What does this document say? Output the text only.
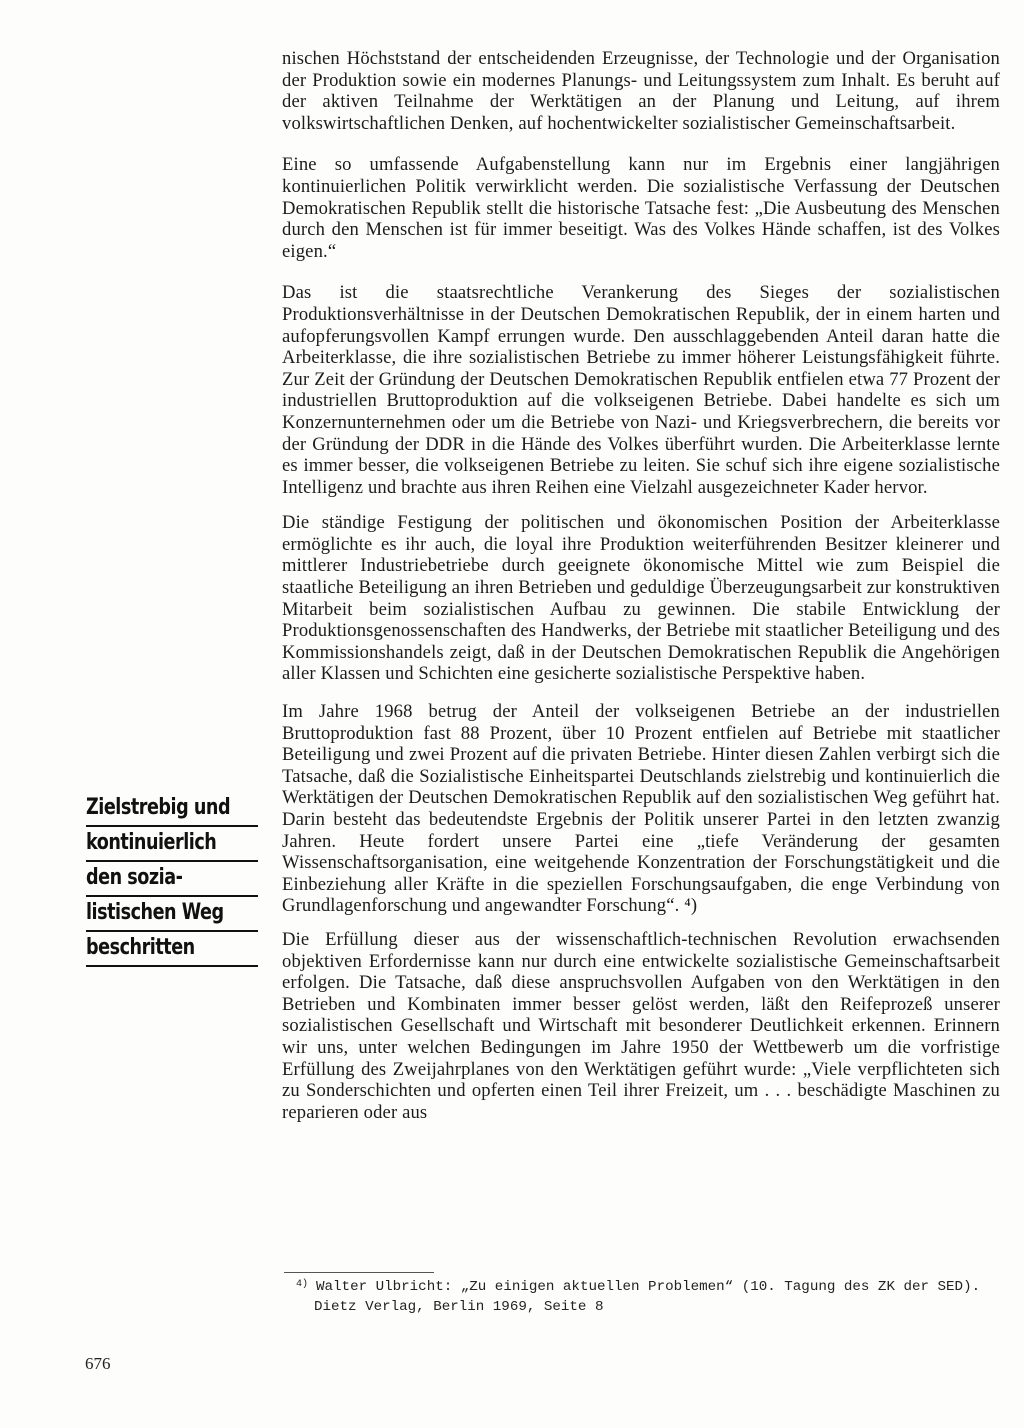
nischen Höchststand der entscheidenden Erzeugnisse, der Technologie und der Organisation der Produktion sowie ein modernes Planungs- und Leitungssystem zum Inhalt. Es beruht auf der aktiven Teilnahme der Werktätigen an der Planung und Leitung, auf ihrem volkswirtschaftlichen Denken, auf hochentwickelter sozialistischer Gemeinschaftsarbeit.

Eine so umfassende Aufgabenstellung kann nur im Ergebnis einer langjährigen kontinuierlichen Politik verwirklicht werden. Die sozialistische Verfassung der Deutschen Demokratischen Republik stellt die historische Tatsache fest: „Die Ausbeutung des Menschen durch den Menschen ist für immer beseitigt. Was des Volkes Hände schaffen, ist des Volkes eigen.“

Das ist die staatsrechtliche Verankerung des Sieges der sozialistischen Produktionsverhältnisse in der Deutschen Demokratischen Republik, der in einem harten und aufopferungsvollen Kampf errungen wurde. Den ausschlaggebenden Anteil daran hatte die Arbeiterklasse, die ihre sozialistischen Betriebe zu immer höherer Leistungsfähigkeit führte. Zur Zeit der Gründung der Deutschen Demokratischen Republik entfielen etwa 77 Prozent der industriellen Bruttoproduktion auf die volkseigenen Betriebe. Dabei handelte es sich um Konzernunternehmen oder um die Betriebe von Nazi- und Kriegsverbrechern, die bereits vor der Gründung der DDR in die Hände des Volkes überführt wurden. Die Arbeiterklasse lernte es immer besser, die volkseigenen Betriebe zu leiten. Sie schuf sich ihre eigene sozialistische Intelligenz und brachte aus ihren Reihen eine Vielzahl ausgezeichneter Kader hervor.

Die ständige Festigung der politischen und ökonomischen Position der Arbeiterklasse ermöglichte es ihr auch, die loyal ihre Produktion weiterführenden Besitzer kleinerer und mittlerer Industriebetriebe durch geeignete ökonomische Mittel wie zum Beispiel die staatliche Beteiligung an ihren Betrieben und geduldige Überzeugungsarbeit zur konstruktiven Mitarbeit beim sozialistischen Aufbau zu gewinnen. Die stabile Entwicklung der Produktionsgenossenschaften des Handwerks, der Betriebe mit staatlicher Beteiligung und des Kommissionshandels zeigt, daß in der Deutschen Demokratischen Republik die Angehörigen aller Klassen und Schichten eine gesicherte sozialistische Perspektive haben.

Im Jahre 1968 betrug der Anteil der volkseigenen Betriebe an der industriellen Bruttoproduktion fast 88 Prozent, über 10 Prozent entfielen auf Betriebe mit staatlicher Beteiligung und zwei Prozent auf die privaten Betriebe. Hinter diesen Zahlen verbirgt sich die Tatsache, daß die Sozialistische Einheitspartei Deutschlands zielstrebig und kontinuierlich die Werktätigen der Deutschen Demokratischen Republik auf den sozialistischen Weg geführt hat. Darin besteht das bedeutendste Ergebnis der Politik unserer Partei in den letzten zwanzig Jahren. Heute fordert unsere Partei eine „tiefe Veränderung der gesamten Wissenschaftsorganisation, eine weitgehende Konzentration der Forschungstätigkeit und die Einbeziehung aller Kräfte in die speziellen Forschungsaufgaben, die enge Verbindung von Grundlagenforschung und angewandter Forschung“. ⁴)

Die Erfüllung dieser aus der wissenschaftlich-technischen Revolution erwachsenden objektiven Erfordernisse kann nur durch eine entwickelte sozialistische Gemeinschaftsarbeit erfolgen. Die Tatsache, daß diese anspruchsvollen Aufgaben von den Werktätigen in den Betrieben und Kombinaten immer besser gelöst werden, läßt den Reifeprozeß unserer sozialistischen Gesellschaft und Wirtschaft mit besonderer Deutlichkeit erkennen. Erinnern wir uns, unter welchen Bedingungen im Jahre 1950 der Wettbewerb um die vorfristige Erfüllung des Zweijahrplanes von den Werktätigen geführt wurde: „Viele verpflichteten sich zu Sonderschichten und opferten einen Teil ihrer Freizeit, um . . . beschädigte Maschinen zu reparieren oder aus

Zielstrebig und
kontinuierlich
den sozia-
listischen Weg
beschritten
$^{4)}$ Walter Ulbricht: „Zu einigen aktuellen Problemen“ (10. Tagung des ZK der SED).
Dietz Verlag, Berlin 1969, Seite 8
676
